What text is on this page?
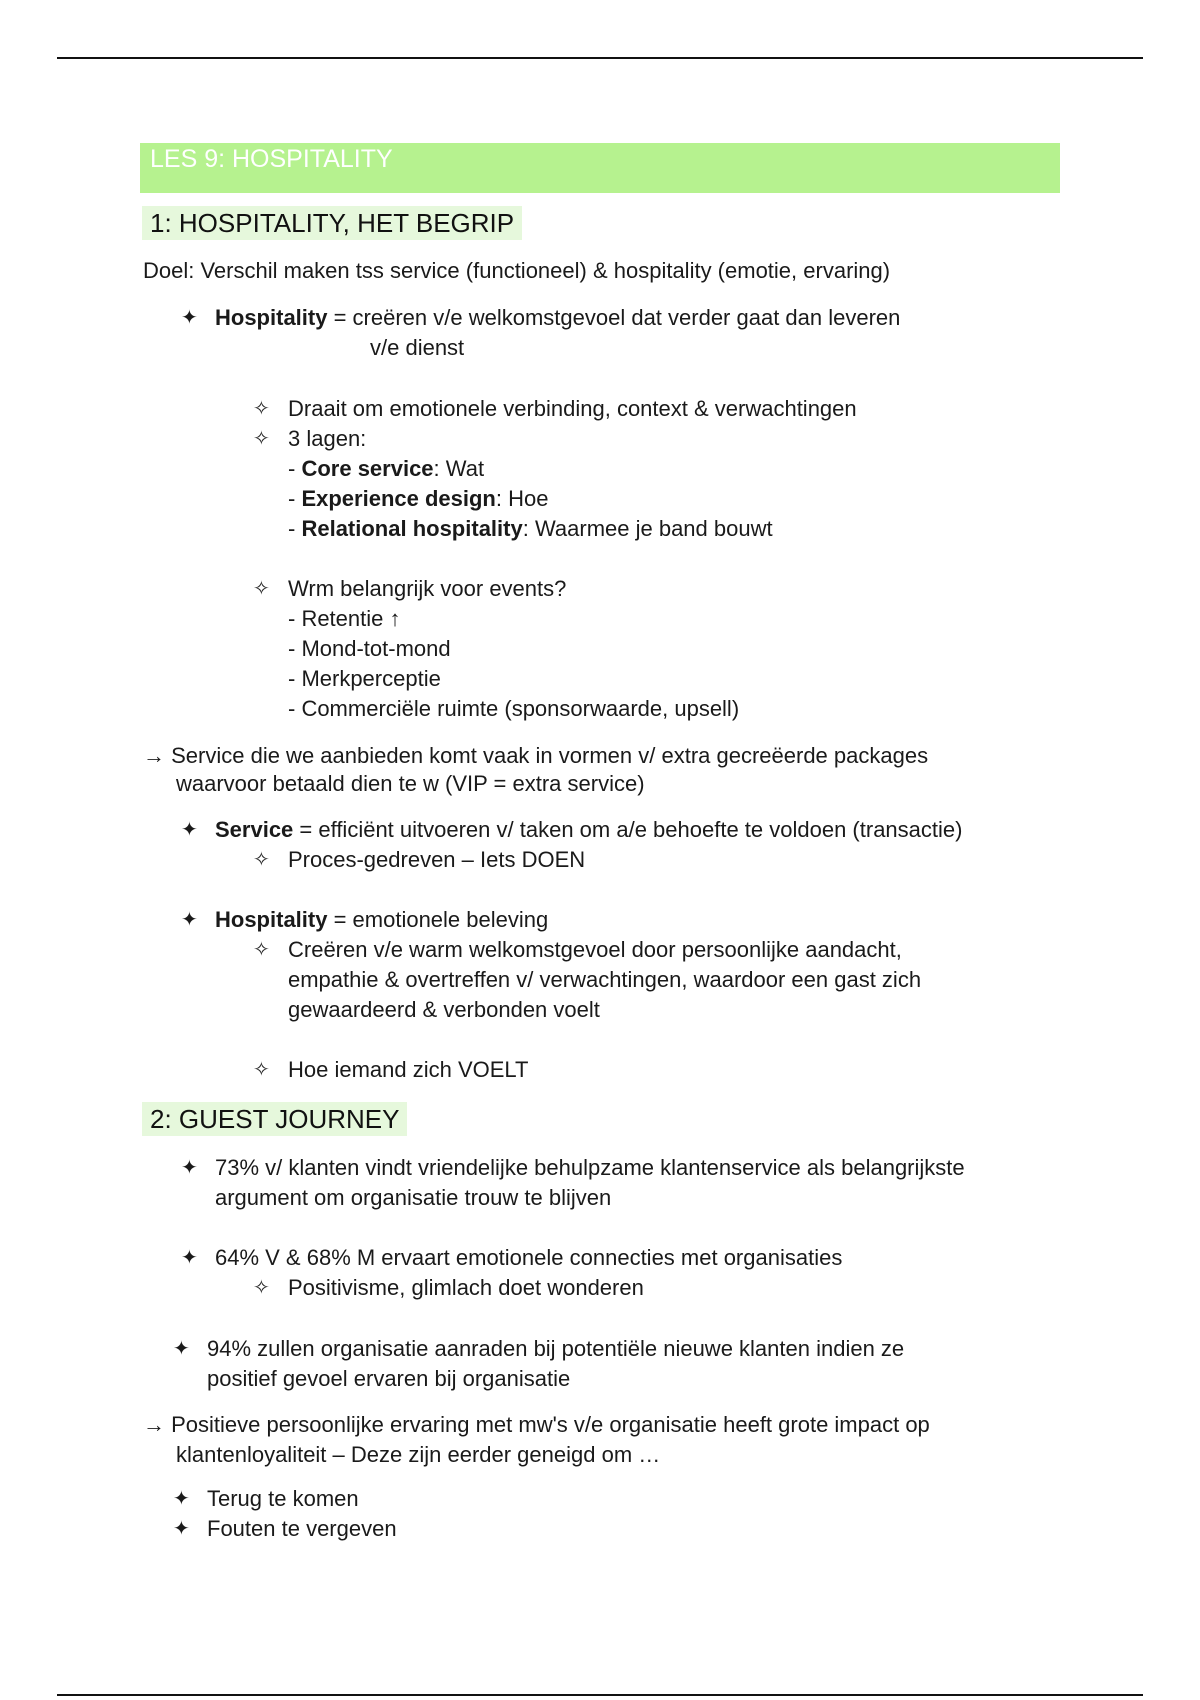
LES 9: HOSPITALITY
1: HOSPITALITY, HET BEGRIP
Doel: Verschil maken tss service (functioneel) & hospitality (emotie, ervaring)
✦ Hospitality = creëren v/e welkomstgevoel dat verder gaat dan leveren
v/e dienst
✧ Draait om emotionele verbinding, context & verwachtingen
✧ 3 lagen:
- Core service: Wat
- Experience design: Hoe
- Relational hospitality: Waarmee je band bouwt
✧ Wrm belangrijk voor events?
- Retentie ↑
- Mond-tot-mond
- Merkperceptie
- Commerciële ruimte (sponsorwaarde, upsell)
→ Service die we aanbieden komt vaak in vormen v/ extra gecreëerde packages
waarvoor betaald dien te w (VIP = extra service)
✦ Service = efficiënt uitvoeren v/ taken om a/e behoefte te voldoen (transactie)
✧ Proces-gedreven – Iets DOEN
✦ Hospitality = emotionele beleving
✧ Creëren v/e warm welkomstgevoel door persoonlijke aandacht,
empathie & overtreffen v/ verwachtingen, waardoor een gast zich
gewaardeerd & verbonden voelt
✧ Hoe iemand zich VOELT
2: GUEST JOURNEY
✦ 73% v/ klanten vindt vriendelijke behulpzame klantenservice als belangrijkste
argument om organisatie trouw te blijven
✦ 64% V & 68% M ervaart emotionele connecties met organisaties
✧ Positivisme, glimlach doet wonderen
✦ 94% zullen organisatie aanraden bij potentiële nieuwe klanten indien ze
positief gevoel ervaren bij organisatie
→ Positieve persoonlijke ervaring met mw's v/e organisatie heeft grote impact op
klantenloyaliteit – Deze zijn eerder geneigd om …
✦ Terug te komen
✦ Fouten te vergeven
